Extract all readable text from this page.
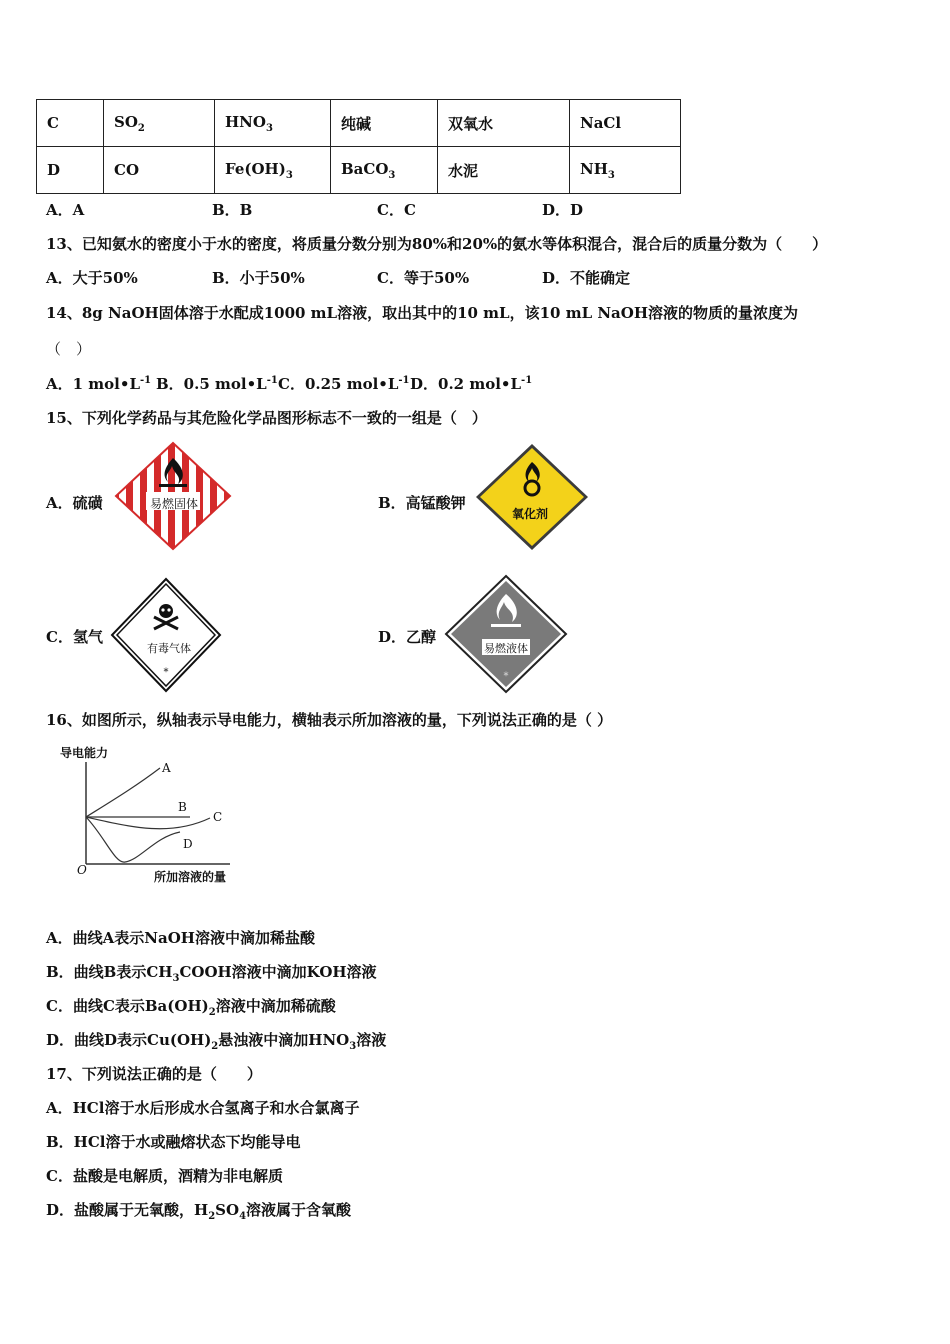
C	$SO_2$	$HNO_3$	纯碱	双氧水	NaCl
D	CO	$Fe(OH)_3$	BaCO$_3$	水泥	$NH_3$
A．A	B．B	C．C	D．D
13、已知氨水的密度小于水的密度，将质量分数分别为80%和20%的氨水等体积混合，混合后的质量分数为（　　）
A．大于50%	B．小于50%	C．等于50%	D．不能确定
14、8g NaOH固体溶于水配成1000 mL溶液，取出其中的10 mL，该10 mL NaOH溶液的物质的量浓度为
（　）
A．1 $mol•L^{-1}$ B．0.5 $mol•L^{-1}$ C．0.25 $mol•L^{-1}$ D．0.2 $mol•L^{-1}$
15、下列化学药品与其危险化学品图形标志不一致的一组是（　）
A．硫磺	B．高锰酸钾
C．氢气	D．乙醇
易燃固体
氧化剂
*
有毒气体
*
易燃液体
16、如图所示，纵轴表示导电能力，横轴表示所加溶液的量，下列说法正确的是（ ）
导电能力
所加溶液的量
O
A
B
C
D
A．曲线A表示NaOH溶液中滴加稀盐酸
B．曲线B表示$CH_3COOH$溶液中滴加KOH溶液
C．曲线C表示$Ba(OH)_2$溶液中滴加稀硫酸
D．曲线D表示$Cu(OH)_2$悬浊液中滴加$HNO_3$溶液
17、下列说法正确的是（　　）
A．HCl溶于水后形成水合氢离子和水合氯离子
B．HCl溶于水或融熔状态下均能导电
C．盐酸是电解质，酒精为非电解质
D．盐酸属于无氧酸，$H_2SO_4$溶液属于含氧酸
